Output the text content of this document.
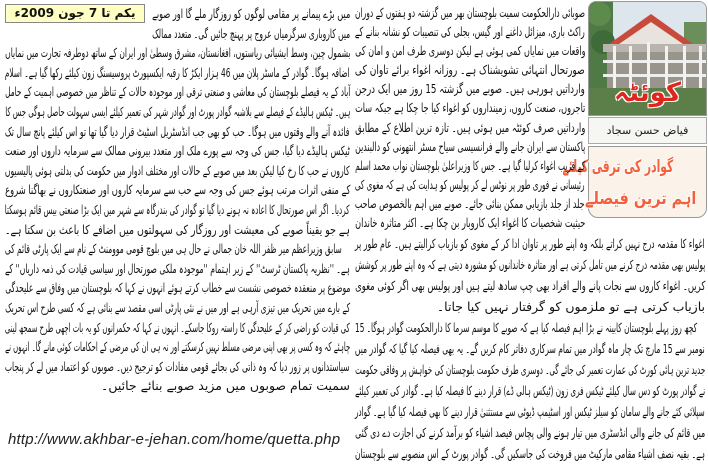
یکم تا 7 جون 2009ء
کوئٹہ
فیاض حسن سجاد
گوادر کی ترقی کیلئے
اہم ترین فیصلے
صوبائی دارالحکومت سمیت بلوچستان بھر میں گزشتہ دو ہفتوں کے دوران
راکٹ باری، میزائل داغنے اور گیس، بجلی کی تنصیبات کو نشانہ بنانے کے
واقعات میں نمایاں کمی ہوئی ہے لیکن دوسری طرف امن و امان کی
صورتحال انتہائی تشویشناک ہے۔ روزانہ اغواء برائے تاوان کی
وارداتیں ہورہی ہیں۔ صوبے میں گزشتہ 15 روز میں ایک درجن
تاجروں، صنعت کاروں، زمینداروں کو اغواء کیا جا چکا ہے جبکہ سات
وارداتیں صرف کوئٹہ میں ہوئی ہیں۔ تازہ ترین اطلاع کے مطابق
پاکستان سے ایران جانے والے فرانسیسی سیاح مسٹر انتھونی کو دالبندین
کے قریب اغواء کرلیا گیا ہے۔ جس کا وزیراعلیٰ بلوچستان نواب محمد اسلم
رئیسانی نے فوری طور پر نوٹس لے کر پولیس کو ہدایت کی ہے کہ مغوی کی
جلد از جلد بازیابی ممکن بنائی جائے۔ صوبے میں اہم بالخصوص صاحب
حیثیت شخصیات کا اغواء ایک کاروبار بن چکا ہے۔ اکثر متاثرہ خاندان
اغواء کا مقدمہ درج نہیں کراتے بلکہ وہ اپنے طور پر تاوان ادا کر کے مغوی کو بازیاب کرالیتے ہیں۔ عام طور پر
پولیس بھی مقدمہ درج کرنے میں تامل کرتی ہے اور متاثرہ خاندانوں کو مشورہ دیتی ہے کہ وہ اپنے طور پر کوشش
کریں۔ اغواء کاروں سے نجات پانے والے افراد بھی چپ سادھ لیتے ہیں اور پولیس بھی اگر کوئی مغوی
بازیاب کرتی ہے تو ملزموں کو گرفتار نہیں کیا جاتا۔
کچھ روز پہلے بلوچستان کابینہ نے بڑا اہم فیصلہ کیا ہے کہ صوبے کا موسم سرما کا دارالحکومت گوادر ہوگا۔ 15
نومبر سے 15 مارچ تک چار ماہ گوادر میں تمام سرکاری دفاتر کام کریں گے۔ یہ بھی فیصلہ کیا گیا کہ گوادر میں
جدید ترین ہائی کورٹ کی عمارت تعمیر کی جائے گی۔ دوسری طرف حکومت بلوچستان کی خواہش پر وفاقی حکومت
نے گوادر پورٹ کو دس سال کیلئے ٹیکس فری زون (ٹیکس ہالی ڈے) قرار دینے کا فیصلہ کیا ہے۔ گوادر کی تعمیر کیلئے
سپلائی کئے جانے والے سامان کو سیلز ٹیکس اور اسٹیمپ ڈیوٹی سے مستثنیٰ قرار دینے کا بھی فیصلہ کیا گیا ہے۔ گوادر
میں قائم کی جانے والی انڈسٹری میں تیار ہونے والی پچاس فیصد اشیاء کو برآمد کرنے کی اجازت دے دی گئی
ہے۔ بقیہ نصف اشیاء مقامی مارکیٹ میں فروخت کی جاسکیں گی۔ گوادر پورٹ کے اس منصوبے سے بلوچستان
میں بڑے پیمانے پر مقامی لوگوں کو روزگار ملے گا اور صوبے
میں کاروباری سرگرمیاں عروج پر پہنچ جائیں گی۔ متعدد ممالک
بشمول چین، وسط ایشیائی ریاستوں، افغانستان، مشرق وسطیٰ اور ایران کے ساتھ دوطرفہ تجارت میں نمایاں
اضافہ ہوگا۔ گوادر کے ماسٹر پلان میں 46 ہزار ایکڑ کا رقبہ ایکسپورٹ پروسیسنگ زون کیلئے رکھا گیا ہے۔ اسلام
آباد کے یہ فیصلے بلوچستان کی معاشی و صنعتی ترقی اور موجودہ حالات کے تناظر میں خصوصی اہمیت کے حامل
ہیں۔ ٹیکس ہالیڈے کے فیصلے سے بلاشبہ گوادر پورٹ اور گوادر شہر کی تعمیر کیلئے ایسی سہولت حاصل ہوگی جس کا
فائدہ آنے والے وقتوں میں ہوگا۔ حب کو بھی جب انڈسٹریل اسٹیٹ قرار دیا گیا تھا تو اس کیلئے پانچ سال تک
ٹیکس ہالیڈے دیا گیا، جس کی وجہ سے پورے ملک اور متعدد بیرونی ممالک سے سرمایہ داروں اور صنعت
کاروں نے حب کا رخ کیا لیکن بعد میں صوبے کے حالات اور مختلف ادوار میں حکومت کی بدلتی ہوئی پالیسیوں
کے منفی اثرات مرتب ہوئے جس کی وجہ سے حب سے سرمایہ کاروں اور صنعتکاروں نے بھاگنا شروع
کردیا۔ اگر اس صورتحال کا اعادہ نہ ہونے دیا گیا تو گوادر کی بندرگاہ سے شہر میں ایک بڑا صنعتی بیس قائم ہوسکتا
ہے جو یقیناً صوبے کی معیشت اور روزگار کی سہولتوں میں اضافے کا باعث بن سکتا ہے۔
سابق وزیراعظم میر ظفر اللہ خان جمالی نے حال ہی میں بلوچ قومی موومنٹ کے نام سے ایک پارٹی قائم کی
ہے۔ ''نظریہ پاکستان ٹرسٹ'' کے زیر اہتمام ''موجودہ ملکی صورتحال اور سیاسی قیادت کی ذمہ داریاں'' کے
موضوع پر منعقدہ خصوصی نشست سے خطاب کرتے ہوئے انہوں نے کہا کہ بلوچستان میں وفاق سے علیحدگی
کے بارے میں تحریک میں تیزی آرہی ہے اور میں نے نئی پارٹی اسی مقصد سے بنائی ہے کہ کسی طرح اس تحریک
کی قیادت کو راضی کر کے علیحدگی کا راستہ روکا جاسکے۔ انہوں نے کہا کہ حکمرانوں کو یہ بات اچھی طرح سمجھ لینی
چاہئے کہ وہ کسی پر بھی اپنی مرضی مسلط نہیں کرسکتے اور نہ ہی ان کی مرضی کے احکامات کوئی مانے گا۔ انہوں نے
سیاستدانوں پر زور دیا کہ وہ ذاتی کی بجائے قومی مفادات کو ترجیح دیں۔ صوبوں کو اعتماد میں لے کر پنجاب
سمیت تمام صوبوں میں مزید صوبے بنائے جائیں۔
http://www.akhbar-e-jehan.com/home/quetta.php
